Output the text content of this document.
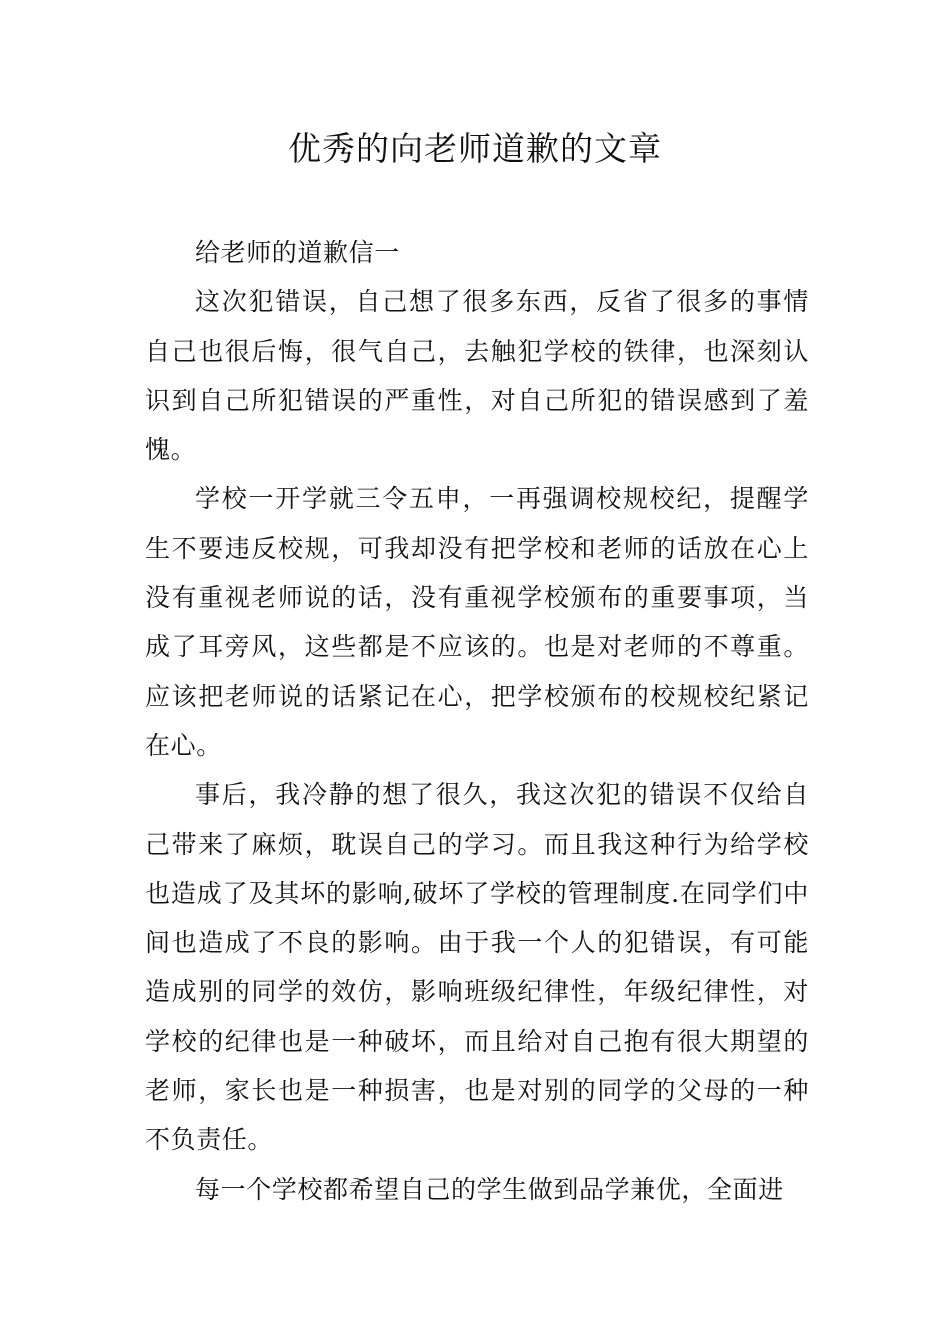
优秀的向老师道歉的文章

给老师的道歉信一

这次犯错误，自己想了很多东西，反省了很多的事情自己也很后悔，很气自己，去触犯学校的铁律，也深刻认识到自己所犯错误的严重性，对自己所犯的错误感到了羞愧。

学校一开学就三令五申，一再强调校规校纪，提醒学生不要违反校规，可我却没有把学校和老师的话放在心上没有重视老师说的话，没有重视学校颁布的重要事项，当成了耳旁风，这些都是不应该的。也是对老师的不尊重。应该把老师说的话紧记在心，把学校颁布的校规校纪紧记在心。

事后，我冷静的想了很久，我这次犯的错误不仅给自己带来了麻烦，耽误自己的学习。而且我这种行为给学校也造成了及其坏的影响,破坏了学校的管理制度.在同学们中间也造成了不良的影响。由于我一个人的犯错误，有可能造成别的同学的效仿，影响班级纪律性，年级纪律性，对学校的纪律也是一种破坏，而且给对自己抱有很大期望的老师，家长也是一种损害，也是对别的同学的父母的一种不负责任。

每一个学校都希望自己的学生做到品学兼优，全面进
